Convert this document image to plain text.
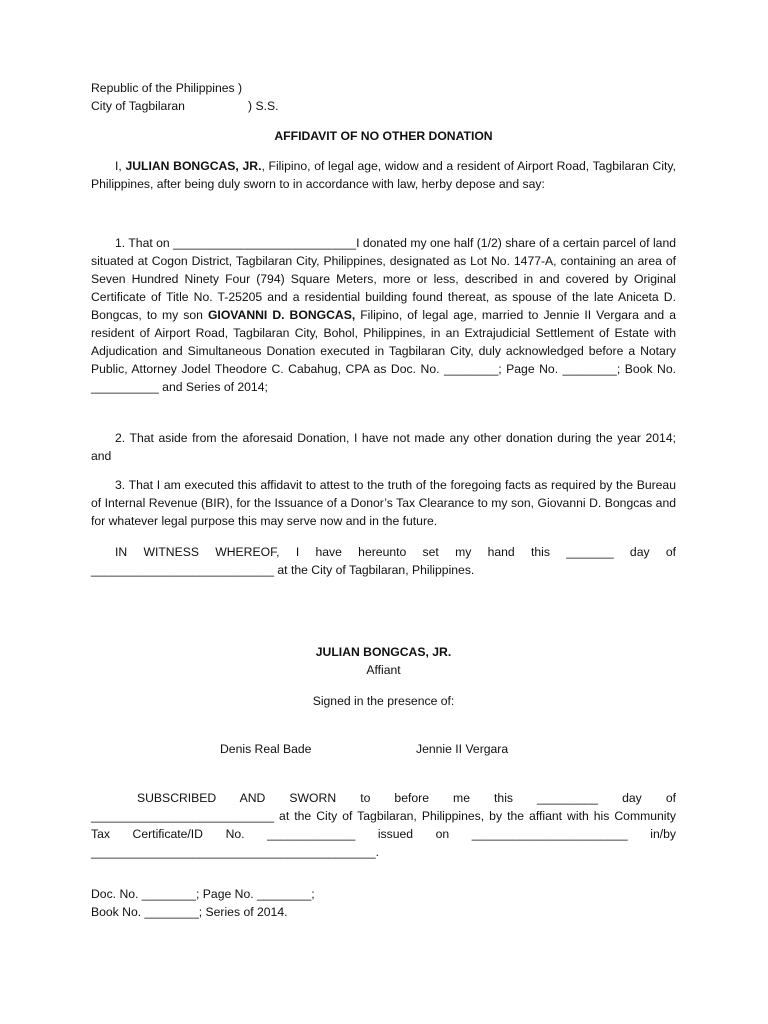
Republic of the Philippines )
City of Tagbilaran	) S.S.
AFFIDAVIT OF NO OTHER DONATION

I, JULIAN BONGCAS, JR., Filipino, of legal age, widow and a resident of Airport Road, Tagbilaran City, Philippines, after being duly sworn to in accordance with law, herby depose and say:

1. That on ___________________________I donated my one half (1/2) share of a certain parcel of land situated at Cogon District, Tagbilaran City, Philippines, designated as Lot No. 1477-A, containing an area of Seven Hundred Ninety Four (794) Square Meters, more or less, described in and covered by Original Certificate of Title No. T-25205 and a residential building found thereat, as spouse of the late Aniceta D. Bongcas, to my son GIOVANNI D. BONGCAS, Filipino, of legal age, married to Jennie II Vergara and a resident of Airport Road, Tagbilaran City, Bohol, Philippines, in an Extrajudicial Settlement of Estate with Adjudication and Simultaneous Donation executed in Tagbilaran City, duly acknowledged before a Notary Public, Attorney Jodel Theodore C. Cabahug, CPA as Doc. No. ________; Page No. ________; Book No. __________ and Series of 2014;

2. That aside from the aforesaid Donation, I have not made any other donation during the year 2014; and

3. That I am executed this affidavit to attest to the truth of the foregoing facts as required by the Bureau of Internal Revenue (BIR), for the Issuance of a Donor’s Tax Clearance to my son, Giovanni D. Bongcas and for whatever legal purpose this may serve now and in the future.

IN WITNESS WHEREOF, I have hereunto set my hand this _______ day of ___________________________ at the City of Tagbilaran, Philippines.

JULIAN BONGCAS, JR.
Affiant
Signed in the presence of:
Denis Real Bade	Jennie II Vergara

SUBSCRIBED AND SWORN to before me this _________ day of ___________________________ at the City of Tagbilaran, Philippines, by the affiant with his Community Tax Certificate/ID No. _____________ issued on _______________________ in/by __________________________________________.

Doc. No. ________; Page No. ________;
Book No. ________; Series of 2014.
